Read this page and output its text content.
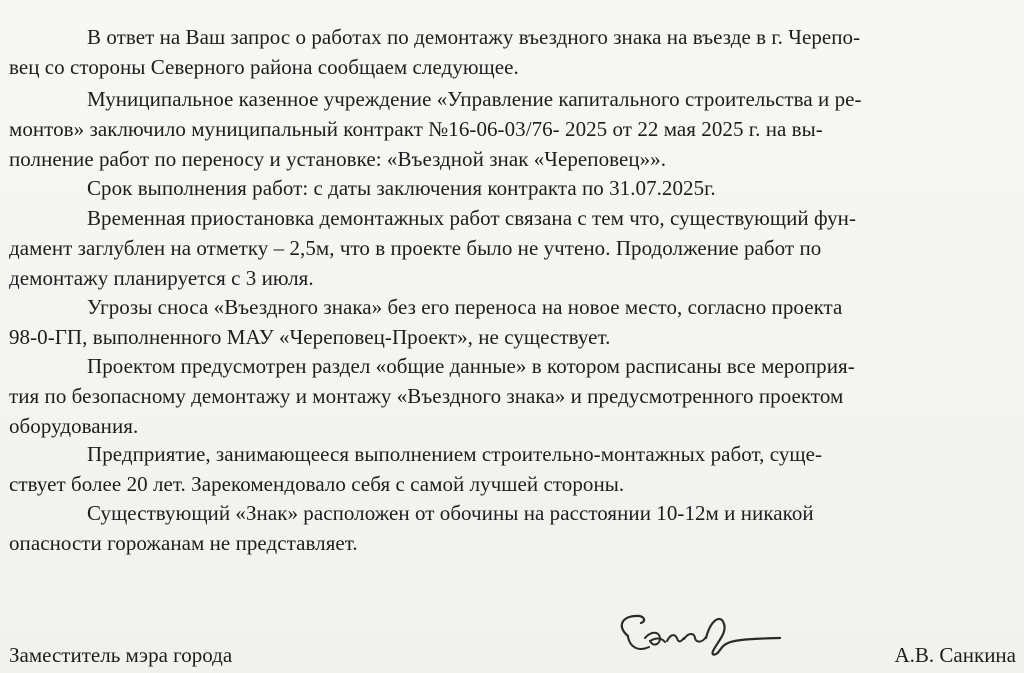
В ответ на Ваш запрос о работах по демонтажу въездного знака на въезде в г. Черепо-
вец со стороны Северного района сообщаем следующее.
Муниципальное казенное учреждение «Управление капитального строительства и ре-
монтов» заключило муниципальный контракт №16-06-03/76- 2025 от 22 мая 2025 г. на вы-
полнение работ по переносу и установке: «Въездной знак «Череповец»».
Срок выполнения работ: с даты заключения контракта по 31.07.2025г.
Временная приостановка демонтажных работ связана с тем что, существующий фун-
дамент заглублен на отметку – 2,5м, что в проекте было не учтено. Продолжение работ по
демонтажу планируется с 3 июля.
Угрозы сноса «Въездного знака» без его переноса на новое место, согласно проекта
98-0-ГП, выполненного МАУ «Череповец-Проект», не существует.
Проектом предусмотрен раздел «общие данные» в котором расписаны все мероприя-
тия по безопасному демонтажу и монтажу «Въездного знака» и предусмотренного проектом
оборудования.
Предприятие, занимающееся выполнением строительно-монтажных работ, суще-
ствует более 20 лет. Зарекомендовало себя с самой лучшей стороны.
Существующий «Знак» расположен от обочины на расстоянии 10-12м и никакой
опасности горожанам не представляет.
Заместитель мэра города	А.В. Санкина
